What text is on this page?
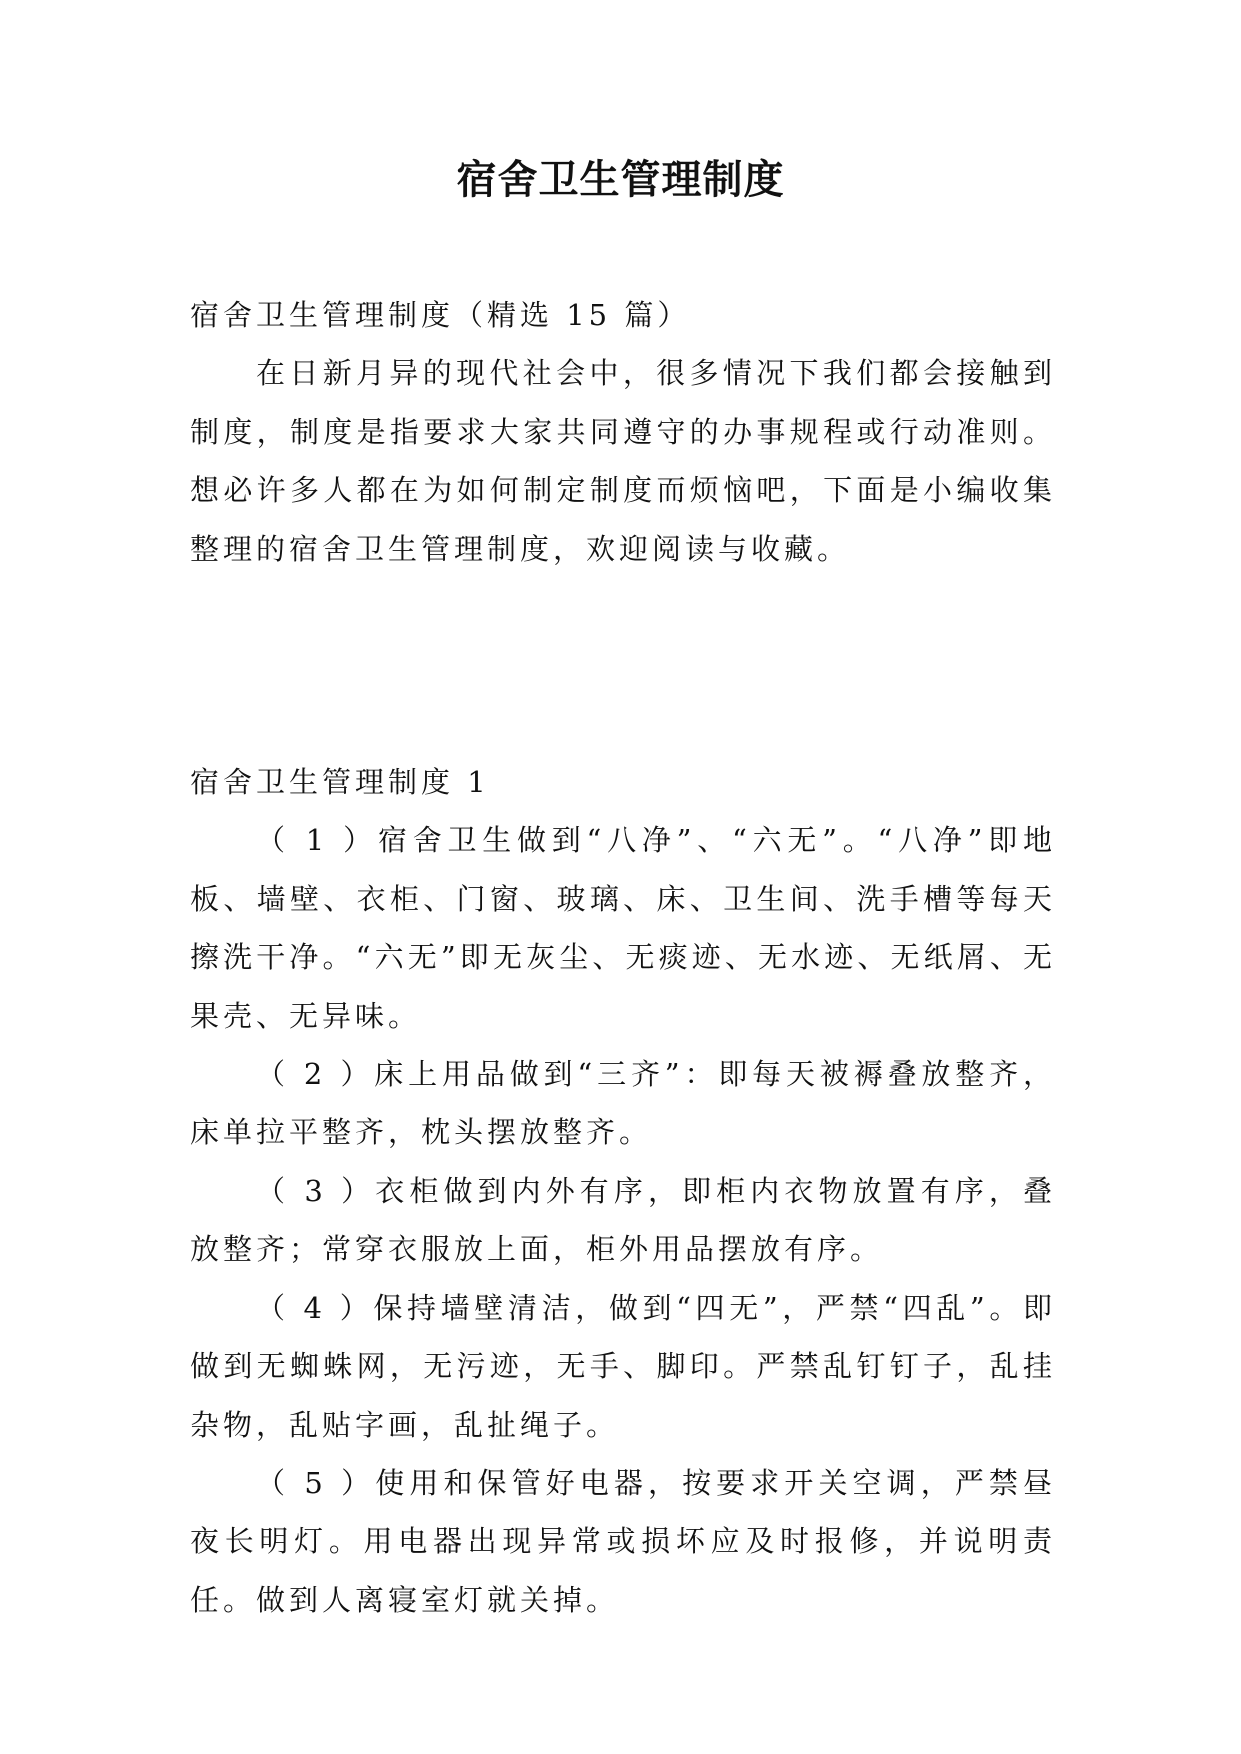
宿舍卫生管理制度

宿舍卫生管理制度（精选 15 篇）

在日新月异的现代社会中，很多情况下我们都会接触到制度，制度是指要求大家共同遵守的办事规程或行动准则。想必许多人都在为如何制定制度而烦恼吧，下面是小编收集整理的宿舍卫生管理制度，欢迎阅读与收藏。

宿舍卫生管理制度 1

（ 1 ）宿舍卫生做到“八净”、“六无”。“八净”即地板、墙壁、衣柜、门窗、玻璃、床、卫生间、洗手槽等每天擦洗干净。“六无”即无灰尘、无痰迹、无水迹、无纸屑、无果壳、无异味。

（ 2 ）床上用品做到“三齐”：即每天被褥叠放整齐，床单拉平整齐，枕头摆放整齐。

（ 3 ）衣柜做到内外有序，即柜内衣物放置有序，叠放整齐；常穿衣服放上面，柜外用品摆放有序。

（ 4 ）保持墙壁清洁，做到“四无”，严禁“四乱”。即做到无蜘蛛网，无污迹，无手、脚印。严禁乱钉钉子，乱挂杂物，乱贴字画，乱扯绳子。

（ 5 ）使用和保管好电器，按要求开关空调，严禁昼夜长明灯。用电器出现异常或损坏应及时报修，并说明责任。做到人离寝室灯就关掉。
